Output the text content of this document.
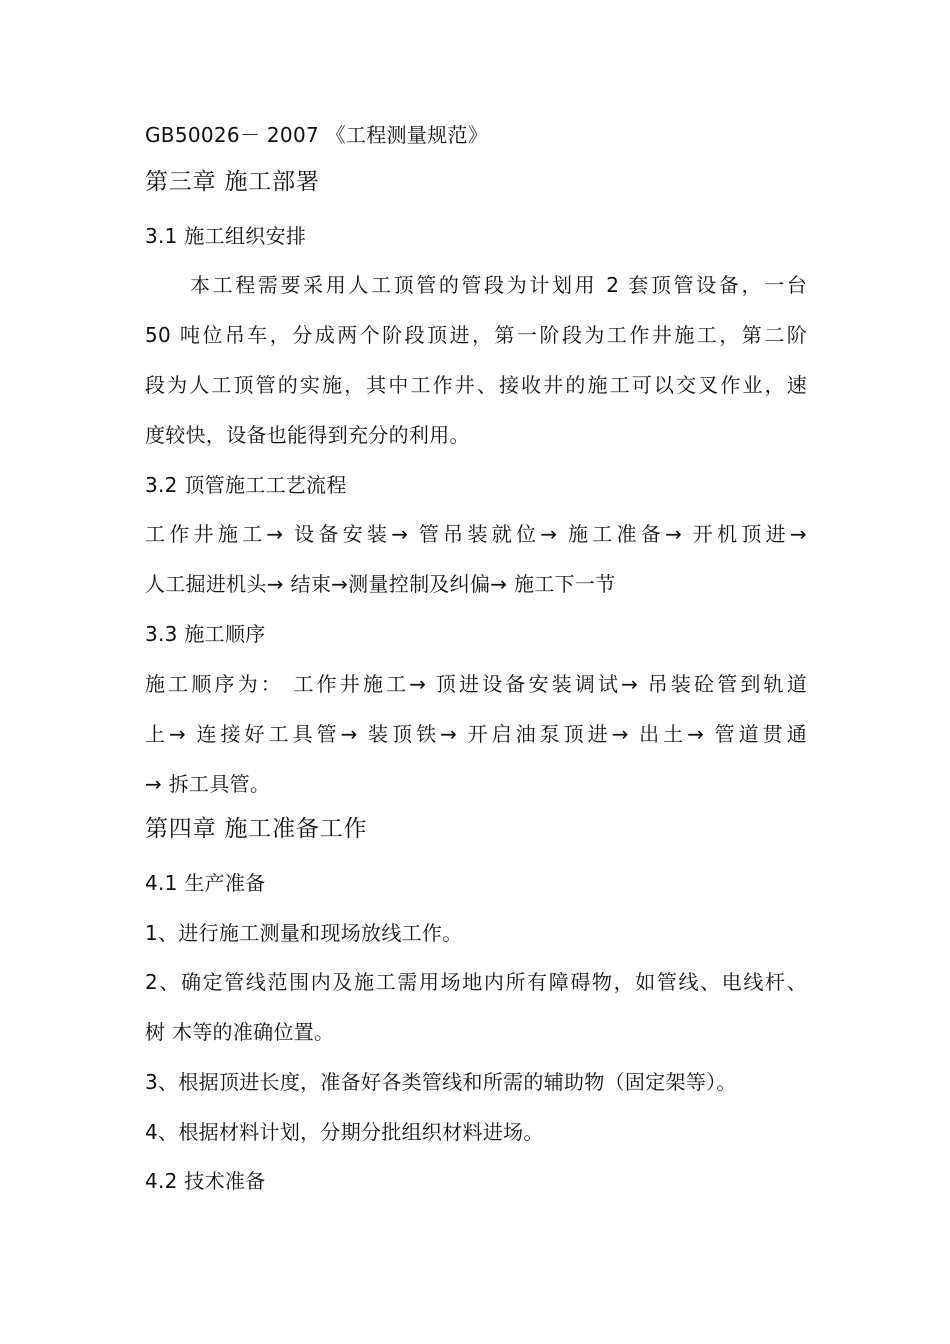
GB50026－ 2007 《工程测量规范》
第三章 施工部署
3.1 施工组织安排
本工程需要采用人工顶管的管段为计划用 2 套顶管设备，一台
50 吨位吊车，分成两个阶段顶进，第一阶段为工作井施工，第二阶
段为人工顶管的实施，其中工作井、接收井的施工可以交叉作业，速
度较快，设备也能得到充分的利用。
3.2 顶管施工工艺流程
工作井施工→ 设备安装→ 管吊装就位→ 施工准备→ 开机顶进→
人工掘进机头→ 结束→测量控制及纠偏→ 施工下一节
3.3 施工顺序
施工顺序为： 工作井施工→ 顶进设备安装调试→ 吊装砼管到轨道
上→ 连接好工具管→ 装顶铁→ 开启油泵顶进→ 出土→ 管道贯通
→ 拆工具管。
第四章 施工准备工作
4.1 生产准备
1、进行施工测量和现场放线工作。
2、确定管线范围内及施工需用场地内所有障碍物，如管线、电线杆、
树 木等的准确位置。
3、根据顶进长度，准备好各类管线和所需的辅助物（固定架等）。
4、根据材料计划，分期分批组织材料进场。
4.2 技术准备
